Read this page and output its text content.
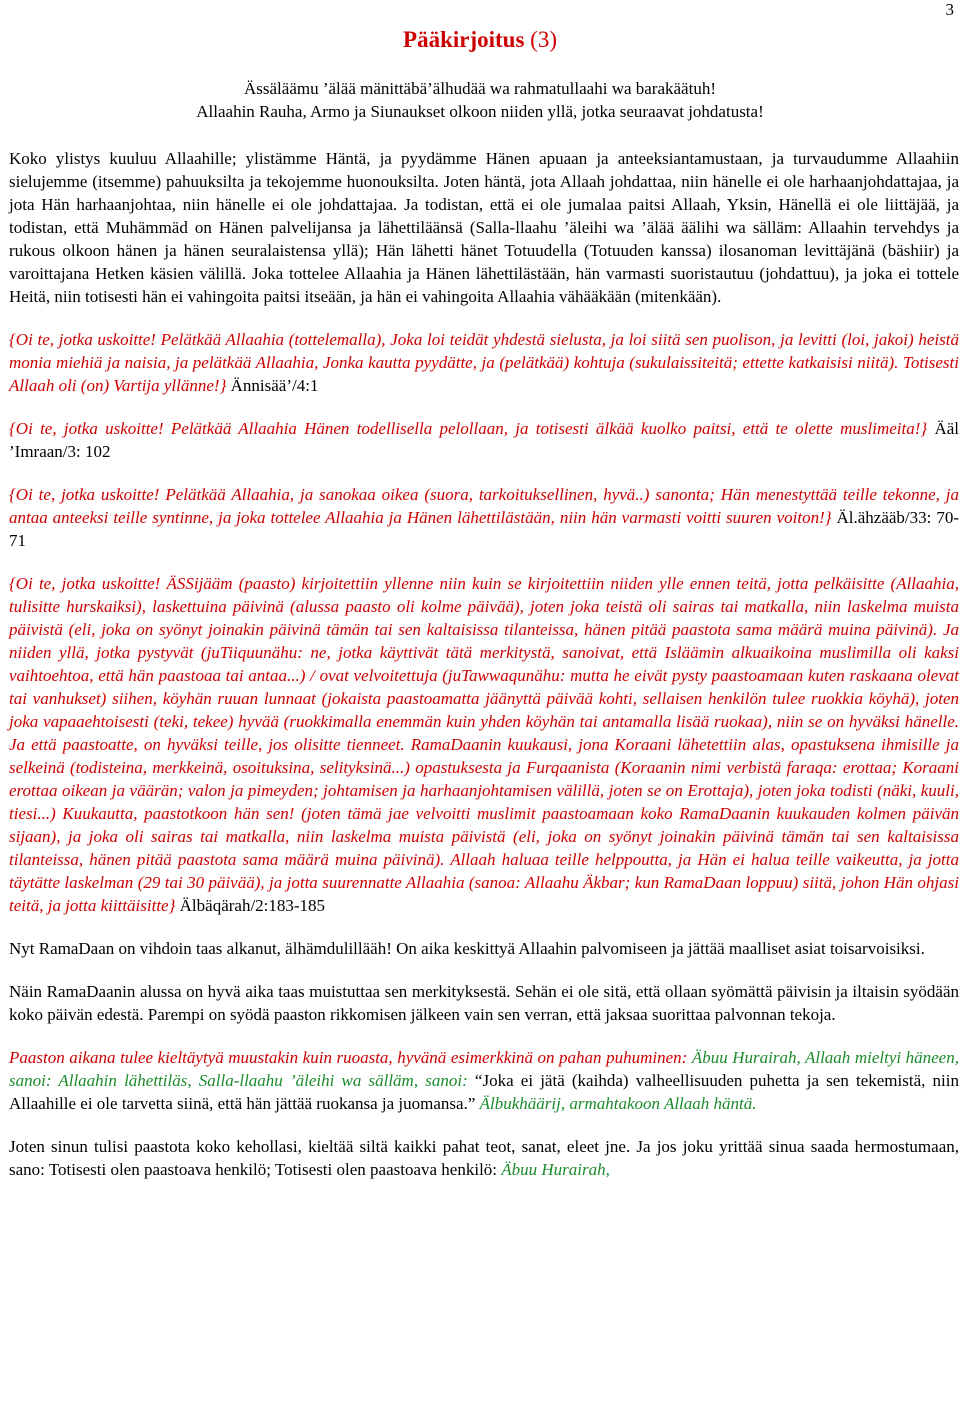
3
Pääkirjoitus (3)
Ässäläämu ’älää mänittäbä’älhudää wa rahmatullaahi wa barakäätuh!
Allaahin Rauha, Armo ja Siunaukset olkoon niiden yllä, jotka seuraavat johdatusta!

Koko ylistys kuuluu Allaahille; ylistämme Häntä, ja pyydämme Hänen apuaan ja anteeksiantamustaan, ja turvaudumme Allaahiin sielujemme (itsemme) pahuuksilta ja tekojemme huonouksilta. Joten häntä, jota Allaah johdattaa, niin hänelle ei ole harhaanjohdattajaa, ja jota Hän harhaanjohtaa, niin hänelle ei ole johdattajaa. Ja todistan, että ei ole jumalaa paitsi Allaah, Yksin, Hänellä ei ole liittäjää, ja todistan, että Muhämmäd on Hänen palvelijansa ja lähettiläänsä (Salla-llaahu ’äleihi wa ’älää äälihi wa sälläm: Allaahin tervehdys ja rukous olkoon hänen ja hänen seuralaistensa yllä); Hän lähetti hänet Totuudella (Totuuden kanssa) ilosanoman levittäjänä (bäshiir) ja varoittajana Hetken käsien välillä. Joka tottelee Allaahia ja Hänen lähettilästään, hän varmasti suoristautuu (johdattuu), ja joka ei tottele Heitä, niin totisesti hän ei vahingoita paitsi itseään, ja hän ei vahingoita Allaahia vähääkään (mitenkään).

{Oi te, jotka uskoitte! Pelätkää Allaahia (tottelemalla), Joka loi teidät yhdestä sielusta, ja loi siitä sen puolison, ja levitti (loi, jakoi) heistä monia miehiä ja naisia, ja pelätkää Allaahia, Jonka kautta pyydätte, ja (pelätkää) kohtuja (sukulaissiteitä; ettette katkaisisi niitä). Totisesti Allaah oli (on) Vartija yllänne!} Ännisää’/4:1

{Oi te, jotka uskoitte! Pelätkää Allaahia Hänen todellisella pelollaan, ja totisesti älkää kuolko paitsi, että te olette muslimeita!} Ääl ’Imraan/3: 102

{Oi te, jotka uskoitte! Pelätkää Allaahia, ja sanokaa oikea (suora, tarkoituksellinen, hyvä..) sanonta; Hän menestyttää teille tekonne, ja antaa anteeksi teille syntinne, ja joka tottelee Allaahia ja Hänen lähettilästään, niin hän varmasti voitti suuren voiton!} Äl.ähzääb/33: 70-71

{Oi te, jotka uskoitte! ÄSSijääm (paasto) kirjoitettiin yllenne niin kuin se kirjoitettiin niiden ylle ennen teitä, jotta pelkäisitte (Allaahia, tulisitte hurskaiksi), laskettuina päivinä (alussa paasto oli kolme päivää), joten joka teistä oli sairas tai matkalla, niin laskelma muista päivistä (eli, joka on syönyt joinakin päivinä tämän tai sen kaltaisissa tilanteissa, hänen pitää paastota sama määrä muina päivinä). Ja niiden yllä, jotka pystyvät (juTiiquunähu: ne, jotka käyttivät tätä merkitystä, sanoivat, että Isläämin alkuaikoina muslimilla oli kaksi vaihtoehtoa, että hän paastoaa tai antaa...) / ovat velvoitettuja (juTawwaqunähu: mutta he eivät pysty paastoamaan kuten raskaana olevat tai vanhukset) siihen, köyhän ruuan lunnaat (jokaista paastoamatta jäänyttä päivää kohti, sellaisen henkilön tulee ruokkia köyhä), joten joka vapaaehtoisesti (teki, tekee) hyvää (ruokkimalla enemmän kuin yhden köyhän tai antamalla lisää ruokaa), niin se on hyväksi hänelle. Ja että paastoatte, on hyväksi teille, jos olisitte tienneet. RamaDaanin kuukausi, jona Koraani lähetettiin alas, opastuksena ihmisille ja selkeinä (todisteina, merkkeinä, osoituksina, selityksinä...) opastuksesta ja Furqaanista (Koraanin nimi verbistä faraqa: erottaa; Koraani erottaa oikean ja väärän; valon ja pimeyden; johtamisen ja harhaanjohtamisen välillä, joten se on Erottaja), joten joka todisti (näki, kuuli, tiesi...) Kuukautta, paastotkoon hän sen! (joten tämä jae velvoitti muslimit paastoamaan koko RamaDaanin kuukauden kolmen päivän sijaan), ja joka oli sairas tai matkalla, niin laskelma muista päivistä (eli, joka on syönyt joinakin päivinä tämän tai sen kaltaisissa tilanteissa, hänen pitää paastota sama määrä muina päivinä). Allaah haluaa teille helppoutta, ja Hän ei halua teille vaikeutta, ja jotta täytätte laskelman (29 tai 30 päivää), ja jotta suurennatte Allaahia (sanoa: Allaahu Äkbar; kun RamaDaan loppuu) siitä, johon Hän ohjasi teitä, ja jotta kiittäisitte} Älbäqärah/2:183-185

Nyt RamaDaan on vihdoin taas alkanut, älhämdulillääh! On aika keskittyä Allaahin palvomiseen ja jättää maalliset asiat toisarvoisiksi.

Näin RamaDaanin alussa on hyvä aika taas muistuttaa sen merkityksestä. Sehän ei ole sitä, että ollaan syömättä päivisin ja iltaisin syödään koko päivän edestä. Parempi on syödä paaston rikkomisen jälkeen vain sen verran, että jaksaa suorittaa palvonnan tekoja.

Paaston aikana tulee kieltäytyä muustakin kuin ruoasta, hyvänä esimerkkinä on pahan puhuminen: Äbuu Hurairah, Allaah mieltyi häneen, sanoi: Allaahin lähettiläs, Salla-llaahu ’äleihi wa sälläm, sanoi: “Joka ei jätä (kaihda) valheellisuuden puhetta ja sen tekemistä, niin Allaahille ei ole tarvetta siinä, että hän jättää ruokansa ja juomansa.” Älbukhäärij, armahtakoon Allaah häntä.

Joten sinun tulisi paastota koko kehollasi, kieltää siltä kaikki pahat teot, sanat, eleet jne. Ja jos joku yrittää sinua saada hermostumaan, sano: Totisesti olen paastoava henkilö; Totisesti olen paastoava henkilö: Äbuu Hurairah,
